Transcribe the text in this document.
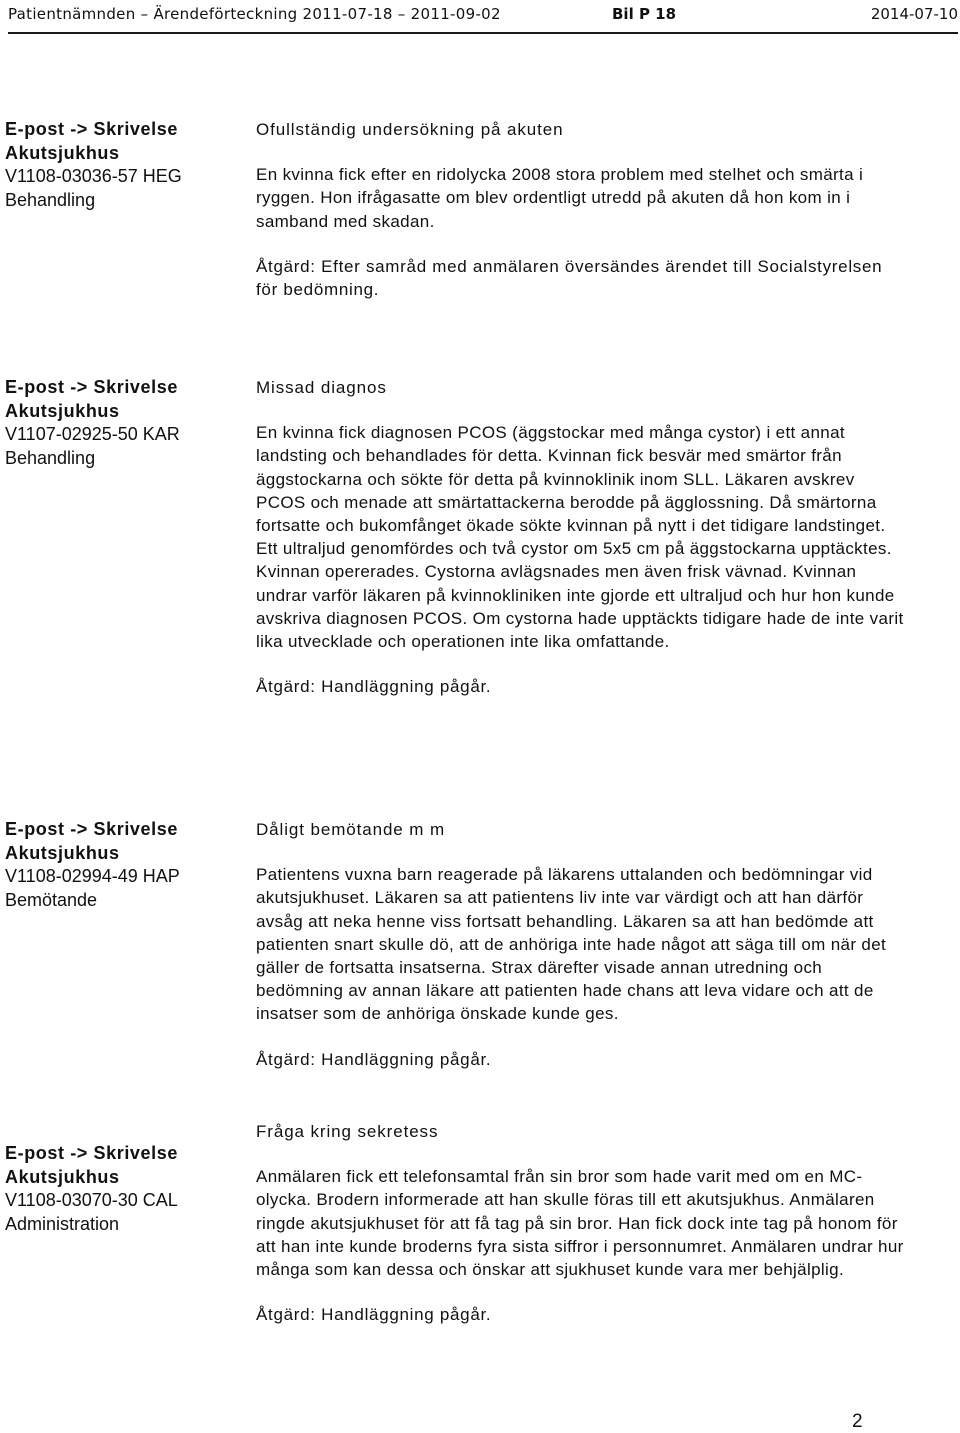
Patientnämnden – Ärendeförteckning 2011-07-18 – 2011-09-02	Bil P 18	2014-07-10
E-post -> Skrivelse
Akutsjukhus
V1108-03036-57 HEG
Behandling

Ofullständig undersökning på akuten

En kvinna fick efter en ridolycka 2008 stora problem med stelhet och smärta i ryggen. Hon ifrågasatte om blev ordentligt utredd på akuten då hon kom in i samband med skadan.

Åtgärd: Efter samråd med anmälaren översändes ärendet till Socialstyrelsen för bedömning.

E-post -> Skrivelse
Akutsjukhus
V1107-02925-50 KAR
Behandling

Missad diagnos

En kvinna fick diagnosen PCOS (äggstockar med många cystor) i ett annat landsting och behandlades för detta. Kvinnan fick besvär med smärtor från äggstockarna och sökte för detta på kvinnoklinik inom SLL. Läkaren avskrev PCOS och menade att smärtattackerna berodde på ägglossning. Då smärtorna fortsatte och bukomfånget ökade sökte kvinnan på nytt i det tidigare landstinget. Ett ultraljud genomfördes och två cystor om 5x5 cm på äggstockarna upptäcktes. Kvinnan opererades. Cystorna avlägsnades men även frisk vävnad. Kvinnan undrar varför läkaren på kvinnokliniken inte gjorde ett ultraljud och hur hon kunde avskriva diagnosen PCOS. Om cystorna hade upptäckts tidigare hade de inte varit lika utvecklade och operationen inte lika omfattande.

Åtgärd: Handläggning pågår.

E-post -> Skrivelse
Akutsjukhus
V1108-02994-49 HAP
Bemötande

Dåligt bemötande m m

Patientens vuxna barn reagerade på läkarens uttalanden och bedömningar vid akutsjukhuset. Läkaren sa att patientens liv inte var värdigt och att han därför avsåg att neka henne viss fortsatt behandling. Läkaren sa att han bedömde att patienten snart skulle dö, att de anhöriga inte hade något att säga till om när det gäller de fortsatta insatserna. Strax därefter visade annan utredning och bedömning av annan läkare att patienten hade chans att leva vidare och att de insatser som de anhöriga önskade kunde ges.

Åtgärd: Handläggning pågår.

E-post -> Skrivelse
Akutsjukhus
V1108-03070-30 CAL
Administration

Fråga kring sekretess

Anmälaren fick ett telefonsamtal från sin bror som hade varit med om en MC-olycka. Brodern informerade att han skulle föras till ett akutsjukhus. Anmälaren ringde akutsjukhuset för att få tag på sin bror. Han fick dock inte tag på honom för att han inte kunde broderns fyra sista siffror i personnumret. Anmälaren undrar hur många som kan dessa och önskar att sjukhuset kunde vara mer behjälplig.

Åtgärd: Handläggning pågår.

2
